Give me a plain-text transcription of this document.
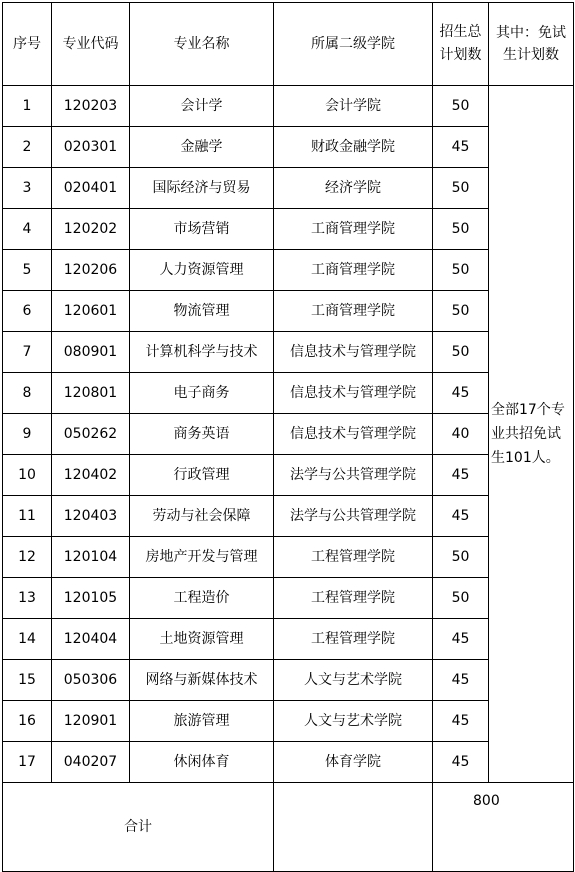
序号	专业代码	专业名称	所属二级学院	招生总计划数	其中：免试生计划数
1	120203	会计学	会计学院	50	全部17个专业共招免试生101人。
2	020301	金融学	财政金融学院	45	
3	020401	国际经济与贸易	经济学院	50	
4	120202	市场营销	工商管理学院	50	
5	120206	人力资源管理	工商管理学院	50	
6	120601	物流管理	工商管理学院	50	
7	080901	计算机科学与技术	信息技术与管理学院	50	
8	120801	电子商务	信息技术与管理学院	45	
9	050262	商务英语	信息技术与管理学院	40	
10	120402	行政管理	法学与公共管理学院	45	
11	120403	劳动与社会保障	法学与公共管理学院	45	
12	120104	房地产开发与管理	工程管理学院	50	
13	120105	工程造价	工程管理学院	50	
14	120404	土地资源管理	工程管理学院	45	
15	050306	网络与新媒体技术	人文与艺术学院	45	
16	120901	旅游管理	人文与艺术学院	45	
17	040207	休闲体育	体育学院	45	
合计				800	
